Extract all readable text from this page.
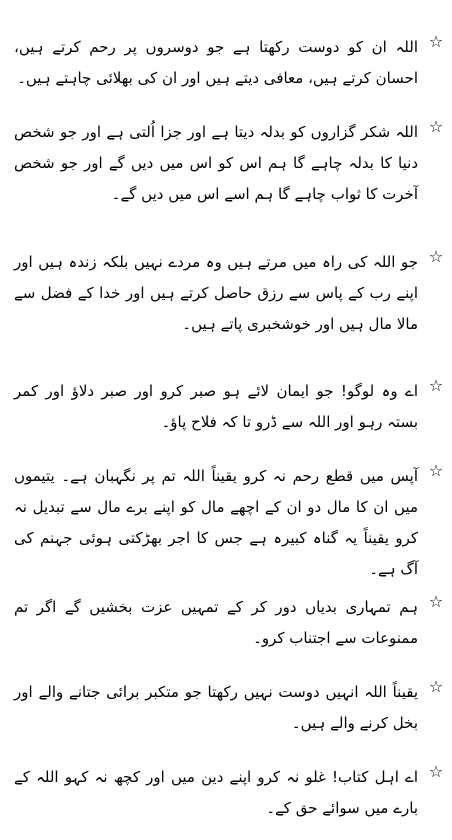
☆
اللہ ان کو دوست رکھتا ہے جو دوسروں پر رحم کرتے ہیں، احسان کرتے ہیں، معافی دیتے ہیں اور ان کی بھلائی چاہتے ہیں۔
☆
اللہ شکر گزاروں کو بدلہ دیتا ہے اور جزا اُلتی ہے اور جو شخص دنیا کا بدلہ چاہے گا ہم اس کو اس میں دیں گے اور جو شخص آخرت کا ثواب چاہے گا ہم اسے اس میں دیں گے۔
☆
جو اللہ کی راہ میں مرتے ہیں وہ مردے نہیں بلکہ زندہ ہیں اور اپنے رب کے پاس سے رزق حاصل کرتے ہیں اور خدا کے فضل سے مالا مال ہیں اور خوشخبری پاتے ہیں۔
☆
اے وہ لوگو! جو ایمان لائے ہو صبر کرو اور صبر دلاؤ اور کمر بستہ رہو اور اللہ سے ڈرو تا کہ فلاح پاؤ۔
☆
آپس میں قطع رحم نہ کرو یقیناً اللہ تم پر نگہبان ہے۔ یتیموں میں ان کا مال دو ان کے اچھے مال کو اپنے برے مال سے تبدیل نہ کرو یقیناً یہ گناہ کبیرہ ہے جس کا اجر بھڑکتی ہوئی جہنم کی آگ ہے۔
☆
ہم تمہاری بدیاں دور کر کے تمہیں عزت بخشیں گے اگر تم ممنوعات سے اجتناب کرو۔
☆
یقیناً اللہ انہیں دوست نہیں رکھتا جو متکبر برائی جتانے والے اور بخل کرنے والے ہیں۔
☆
اے اہل کتاب! غلو نہ کرو اپنے دین میں اور کچھ نہ کہو اللہ کے بارے میں سوائے حق کے۔
